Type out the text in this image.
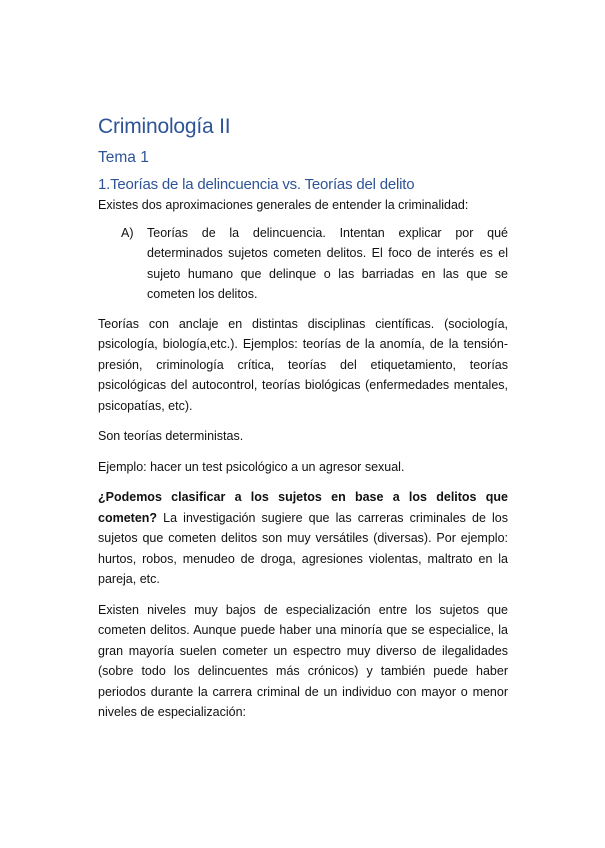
Criminología II
Tema 1
1.Teorías de la delincuencia vs. Teorías del delito

Existes dos aproximaciones generales de entender la criminalidad:

A)	Teorías de la delincuencia. Intentan explicar por qué determinados sujetos cometen delitos. El foco de interés es el sujeto humano que delinque o las barriadas en las que se cometen los delitos.

Teorías con anclaje en distintas disciplinas científicas. (sociología, psicología, biología,etc.). Ejemplos: teorías de la anomía, de la tensión-presión, criminología crítica, teorías del etiquetamiento, teorías psicológicas del autocontrol, teorías biológicas (enfermedades mentales, psicopatías, etc).

Son teorías deterministas.

Ejemplo: hacer un test psicológico a un agresor sexual.

¿Podemos clasificar a los sujetos en base a los delitos que cometen? La investigación sugiere que las carreras criminales de los sujetos que cometen delitos son muy versátiles (diversas). Por ejemplo: hurtos, robos, menudeo de droga, agresiones violentas, maltrato en la pareja, etc.

Existen niveles muy bajos de especialización entre los sujetos que cometen delitos. Aunque puede haber una minoría que se especialice, la gran mayoría suelen cometer un espectro muy diverso de ilegalidades (sobre todo los delincuentes más crónicos) y también puede haber periodos durante la carrera criminal de un individuo con mayor o menor niveles de especialización:
